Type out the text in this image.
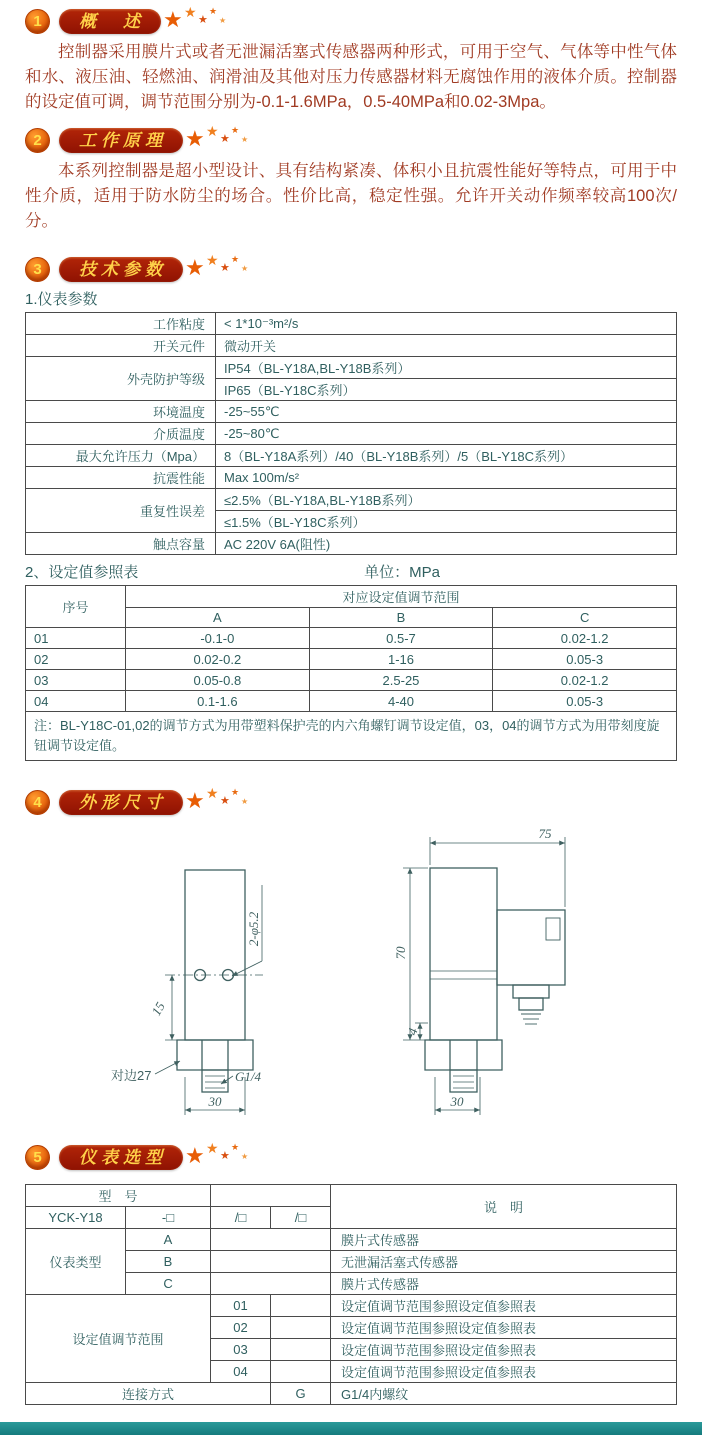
1	概　述 ★ ★ ★
★
★

控制器采用膜片式或者无泄漏活塞式传感器两种形式，可用于空气、气体等中性气体和水、液压油、轻燃油、润滑油及其他对压力传感器材料无腐蚀作用的液体介质。控制器的设定值可调，调节范围分别为-0.1-1.6MPa，0.5-40MPa和0.02-3Mpa。

2	工作原理 ★ ★ ★
★
★

本系列控制器是超小型设计、具有结构紧凑、体积小且抗震性能好等特点，可用于中性介质，适用于防水防尘的场合。性价比高，稳定性强。允许开关动作频率较高100次/分。

3	技术参数 ★ ★ ★
★
★
1.仪表参数
工作粘度	< 1*10⁻³m²/s
开关元件	微动开关
外壳防护等级	IP54（BL-Y18A,BL-Y18B系列）
	IP65（BL-Y18C系列）
环境温度	-25~55℃
介质温度	-25~80℃
最大允许压力（Mpa）	8（BL-Y18A系列）/40（BL-Y18B系列）/5（BL-Y18C系列）
抗震性能	Max 100m/s²
重复性误差	≤2.5%（BL-Y18A,BL-Y18B系列）
	≤1.5%（BL-Y18C系列）
触点容量	AC 220V 6A(阻性)
2、设定值参照表	单位：MPa
序号	对应设定值调节范围		
	A	B	C
01	-0.1-0	0.5-7	0.02-1.2
02	0.02-0.2	1-16	0.05-3
03	0.05-0.8	2.5-25	0.02-1.2
04	0.1-1.6	4-40	0.05-3
注：BL-Y18C-01,02的调节方式为用带塑料保护壳的内六角螺钉调节设定值，03，04的调节方式为用带刻度旋钮调节设定值。			
4	外形尺寸 ★ ★ ★
★
★
2-φ5.2
15
对边27	G1/4
30
75
70
4
30
5	仪表选型 ★ ★ ★
★
★
型　号				说　明
YCK-Y18	-□	/□	/□	
仪表类型	A			膜片式传感器
	B			无泄漏活塞式传感器
	C			膜片式传感器
设定值调节范围		01		设定值调节范围参照设定值参照表
		02		设定值调节范围参照设定值参照表
		03		设定值调节范围参照设定值参照表
		04		设定值调节范围参照设定值参照表
连接方式			G	G1/4内螺纹
